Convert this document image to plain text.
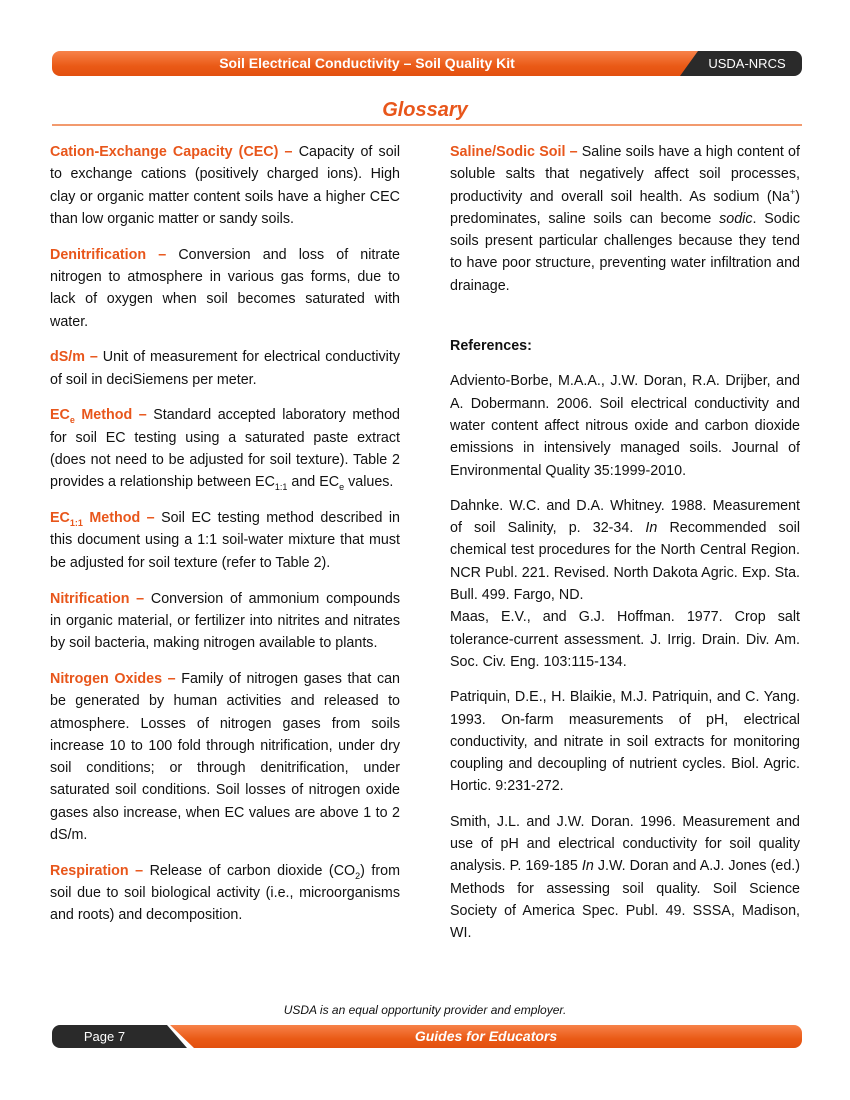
Soil Electrical Conductivity – Soil Quality Kit	USDA-NRCS
Glossary

Cation-Exchange Capacity (CEC) – Capacity of soil to exchange cations (positively charged ions). High clay or organic matter content soils have a higher CEC than low organic matter or sandy soils.

Denitrification – Conversion and loss of nitrate nitrogen to atmosphere in various gas forms, due to lack of oxygen when soil becomes saturated with water.

dS/m – Unit of measurement for electrical conductivity of soil in deciSiemens per meter.

$EC_e$ Method – Standard accepted laboratory method for soil EC testing using a saturated paste extract (does not need to be adjusted for soil texture). Table 2 provides a relationship between $EC_{1:1}$ and $EC_e$ values.

$EC_{1:1}$ Method – Soil EC testing method described in this document using a 1:1 soil-water mixture that must be adjusted for soil texture (refer to Table 2).

Nitrification – Conversion of ammonium compounds in organic material, or fertilizer into nitrites and nitrates by soil bacteria, making nitrogen available to plants.

Nitrogen Oxides – Family of nitrogen gases that can be generated by human activities and released to atmosphere. Losses of nitrogen gases from soils increase 10 to 100 fold through nitrification, under dry soil conditions; or through denitrification, under saturated soil conditions. Soil losses of nitrogen oxide gases also increase, when EC values are above 1 to 2 dS/m.

Respiration – Release of carbon dioxide $(CO_2)$ from soil due to soil biological activity (i.e., microorganisms and roots) and decomposition.

Saline/Sodic Soil – Saline soils have a high content of soluble salts that negatively affect soil processes, productivity and overall soil health. As sodium (Na+) predominates, saline soils can become sodic. Sodic soils present particular challenges because they tend to have poor structure, preventing water infiltration and drainage.

References:

Adviento-Borbe, M.A.A., J.W. Doran, R.A. Drijber, and A. Dobermann. 2006. Soil electrical conductivity and water content affect nitrous oxide and carbon dioxide emissions in intensively managed soils. Journal of Environmental Quality 35:1999-2010.

Dahnke. W.C. and D.A. Whitney. 1988. Measurement of soil Salinity, p. 32-34. In Recommended soil chemical test procedures for the North Central Region. NCR Publ. 221. Revised. North Dakota Agric. Exp. Sta. Bull. 499. Fargo, ND.
Maas, E.V., and G.J. Hoffman. 1977. Crop salt tolerance-current assessment. J. Irrig. Drain. Div. Am. Soc. Civ. Eng. 103:115-134.

Patriquin, D.E., H. Blaikie, M.J. Patriquin, and C. Yang. 1993. On-farm measurements of pH, electrical conductivity, and nitrate in soil extracts for monitoring coupling and decoupling of nutrient cycles. Biol. Agric. Hortic. 9:231-272.

Smith, J.L. and J.W. Doran. 1996. Measurement and use of pH and electrical conductivity for soil quality analysis. P. 169-185 In J.W. Doran and A.J. Jones (ed.) Methods for assessing soil quality. Soil Science Society of America Spec. Publ. 49. SSSA, Madison, WI.

USDA is an equal opportunity provider and employer.
Page 7	Guides for Educators
